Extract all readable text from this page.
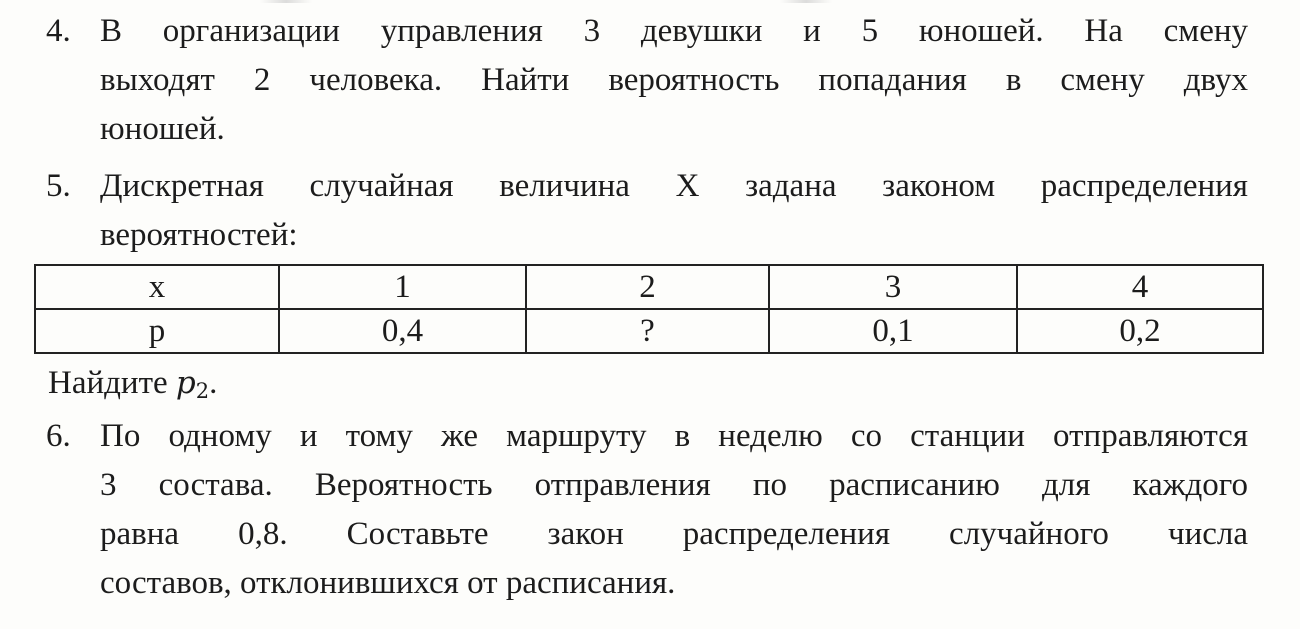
4. В организации управления 3 девушки и 5 юношей. На смену
выходят 2 человека. Найти вероятность попадания в смену двух
юношей.
5. Дискретная случайная величина X задана законом распределения
вероятностей:
x	1	2	3	4
p	0,4	?	0,1	0,2
Найдите $p_2$.
6. По одному и тому же маршруту в неделю со станции отправляются
3 состава. Вероятность отправления по расписанию для каждого
равна 0,8. Составьте закон распределения случайного числа
составов, отклонившихся от расписания.
